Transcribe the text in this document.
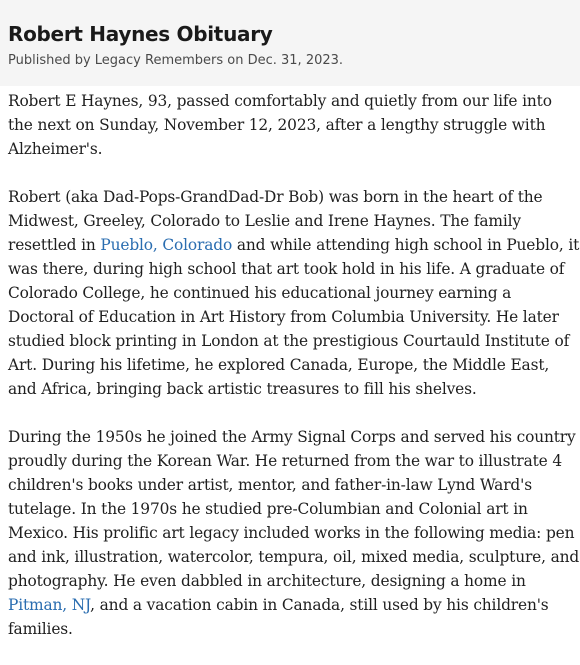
Robert Haynes Obituary

Published by Legacy Remembers on Dec. 31, 2023.

Robert E Haynes, 93, passed comfortably and quietly from our life into the next on Sunday, November 12, 2023, after a lengthy struggle with Alzheimer's.

Robert (aka Dad-Pops-GrandDad-Dr Bob) was born in the heart of the Midwest, Greeley, Colorado to Leslie and Irene Haynes. The family resettled in Pueblo, Colorado and while attending high school in Pueblo, it was there, during high school that art took hold in his life. A graduate of Colorado College, he continued his educational journey earning a Doctoral of Education in Art History from Columbia University. He later studied block printing in London at the prestigious Courtauld Institute of Art. During his lifetime, he explored Canada, Europe, the Middle East, and Africa, bringing back artistic treasures to fill his shelves.

During the 1950s he joined the Army Signal Corps and served his country proudly during the Korean War. He returned from the war to illustrate 4 children's books under artist, mentor, and father-in-law Lynd Ward's tutelage. In the 1970s he studied pre-Columbian and Colonial art in Mexico. His prolific art legacy included works in the following media: pen and ink, illustration, watercolor, tempura, oil, mixed media, sculpture, and photography. He even dabbled in architecture, designing a home in Pitman, NJ, and a vacation cabin in Canada, still used by his children's families.
